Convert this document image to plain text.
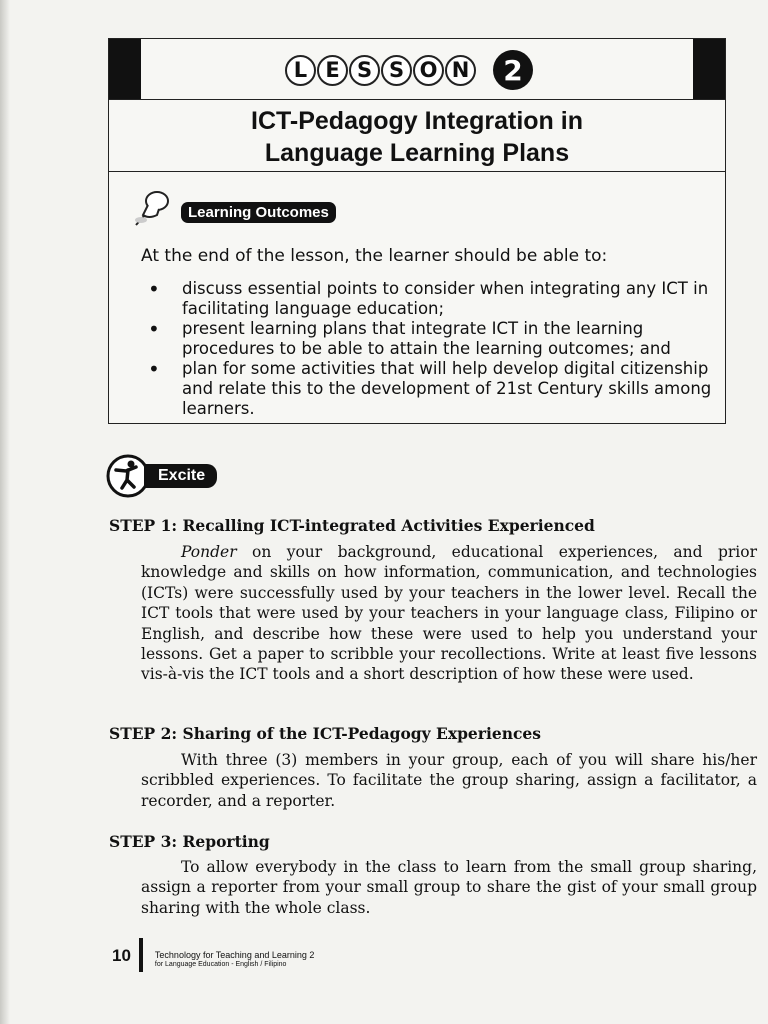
L E S S O N	2
ICT-Pedagogy Integration in
Language Learning Plans
Learning Outcomes
At the end of the lesson, the learner should be able to:
• discuss essential points to consider when integrating any ICT in facilitating language education;
• present learning plans that integrate ICT in the learning procedures to be able to attain the learning outcomes; and
• plan for some activities that will help develop digital citizenship and relate this to the development of 21st Century skills among learners.
Excite
STEP 1: Recalling ICT-integrated Activities Experienced
Ponder on your background, educational experiences, and prior knowledge and skills on how information, communication, and technologies (ICTs) were successfully used by your teachers in the lower level. Recall the ICT tools that were used by your teachers in your language class, Filipino or English, and describe how these were used to help you understand your lessons. Get a paper to scribble your recollections. Write at least five lessons vis-à-vis the ICT tools and a short description of how these were used.
STEP 2: Sharing of the ICT-Pedagogy Experiences
With three (3) members in your group, each of you will share his/her scribbled experiences. To facilitate the group sharing, assign a facilitator, a recorder, and a reporter.
STEP 3: Reporting
To allow everybody in the class to learn from the small group sharing, assign a reporter from your small group to share the gist of your small group sharing with the whole class.
10	Technology for Teaching and Learning 2
for Language Education - English / Filipino
